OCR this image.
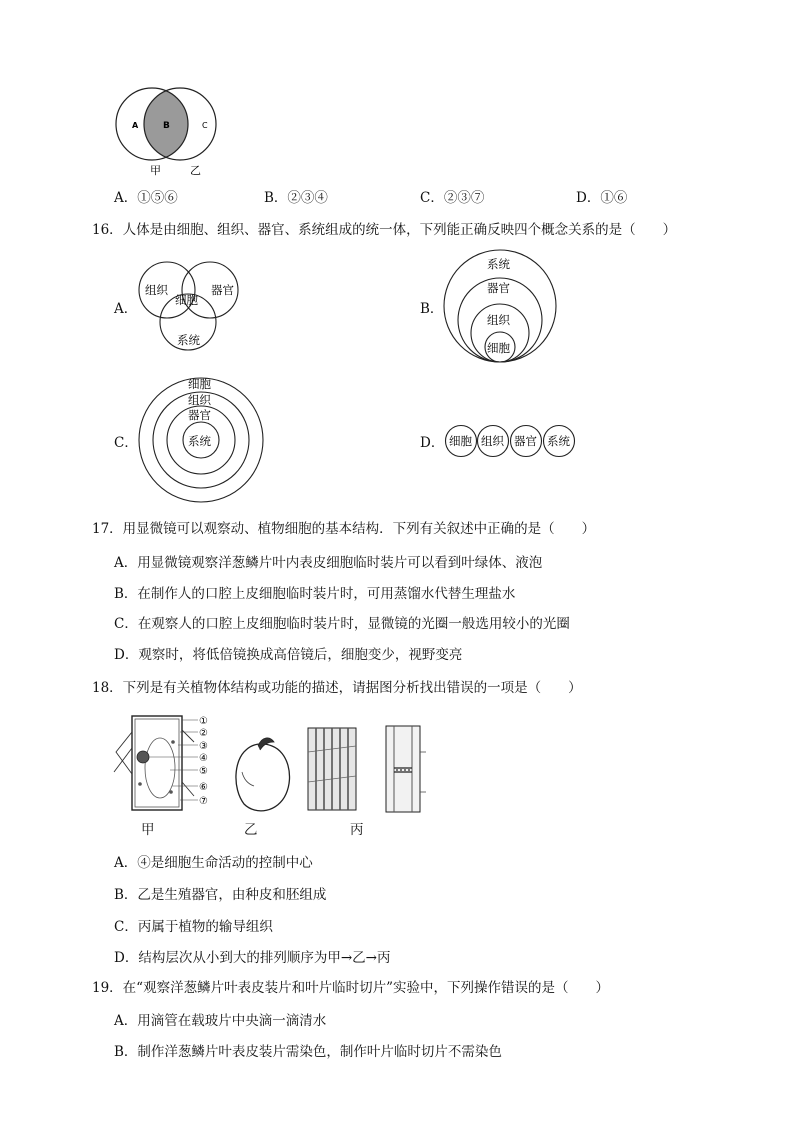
A	B	C
甲	乙
A．①⑤⑥	B．②③④	C．②③⑦	D．①⑥
16．人体是由细胞、组织、器官、系统组成的统一体，下列能正确反映四个概念关系的是（　　）
A．
组织	器官
细胞
系统
B．
系统
器官
组织
细胞
C．
细胞
组织
器官
系统	D． 细胞 组织 器官 系统
17．用显微镜可以观察动、植物细胞的基本结构．下列有关叙述中正确的是（　　）
A．用显微镜观察洋葱鳞片叶内表皮细胞临时装片可以看到叶绿体、液泡
B．在制作人的口腔上皮细胞临时装片时，可用蒸馏水代替生理盐水
C．在观察人的口腔上皮细胞临时装片时，显微镜的光圈一般选用较小的光圈
D．观察时，将低倍镜换成高倍镜后，细胞变少，视野变亮
18．下列是有关植物体结构或功能的描述，请据图分析找出错误的一项是（　　）
①
②
③
④
⑤
⑥
⑦
甲	乙	丙
A．④是细胞生命活动的控制中心
B．乙是生殖器官，由种皮和胚组成
C．丙属于植物的输导组织
D．结构层次从小到大的排列顺序为甲→乙→丙
19．在“观察洋葱鳞片叶表皮装片和叶片临时切片”实验中，下列操作错误的是（　　）
A．用滴管在载玻片中央滴一滴清水
B．制作洋葱鳞片叶表皮装片需染色，制作叶片临时切片不需染色
